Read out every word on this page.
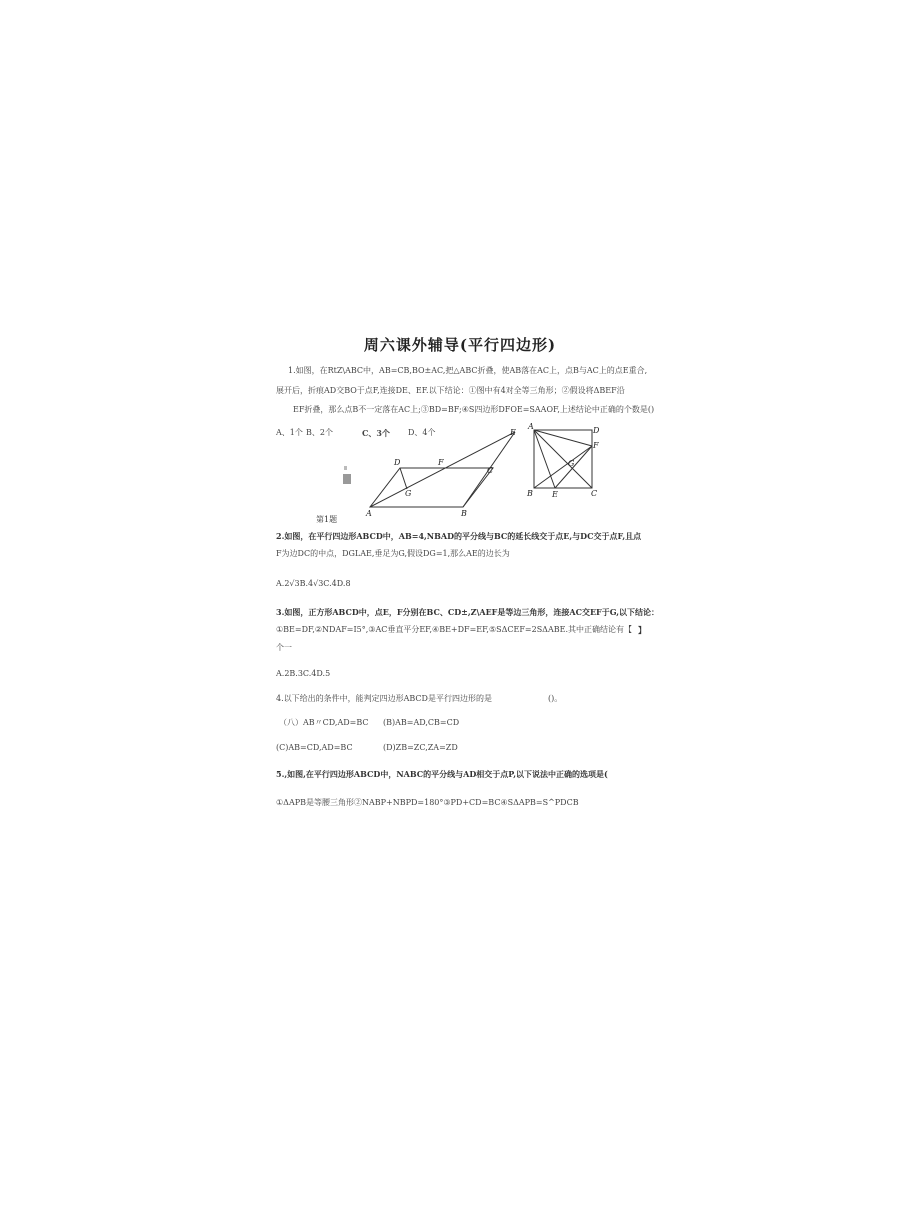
周六课外辅导(平行四边形)
1.如图，在RtZ\ABC中，AB=CB,BO±AC,把△ABC折叠，使AB落在AC上，点B与AC上的点E重合,
展开后，折痕AD交BO于点F,连接DE、EF.以下结论：①图中有4对全等三角形；②假设将ΔBEF沿
EF折叠，那么点B不一定落在AC上;③BD=BF;④S四边形DFOE=SAAOF,上述结论中正确的个数是()
A、1个 B、2个	C、3个 D、4个
D	F
C
G
A	B
E
A	D
F
G
B E	C
第1题
2.如图，在平行四边形ABCD中，AB=4,NBAD的平分线与BC的延长线交于点E,与DC交于点F,且点
F为边DC的中点，DGLAE,垂足为G,假设DG=1,那么AE的边长为
A.2√3B.4√3C.4D.8
3.如图，正方形ABCD中，点E，F分别在BC、CD±,Z\AEF是等边三角形，连接AC交EF于G,以下结论：
①BE=DF,②NDAF=I5°,③AC垂直平分EF,④BE+DF=EF,⑤SΔCEF=2SΔABE.其中正确结论有【 】
个一
A.2B.3C.4D.5
4.以下给出的条件中，能判定四边形ABCD是平行四边形的是	()。
（八）AB〃CD,AD=BC (B)AB=AD,CB=CD
(C)AB=CD,AD=BC	(D)ZB=ZC,ZA=ZD
5.,如图,在平行四边形ABCD中，NABC的平分线与AD相交于点P,以下说法中正确的选项是(
①ΔAPB是等腰三角形②NABP+NBPD=180°③PD+CD=BC④SΔAPB=S^PDCB
